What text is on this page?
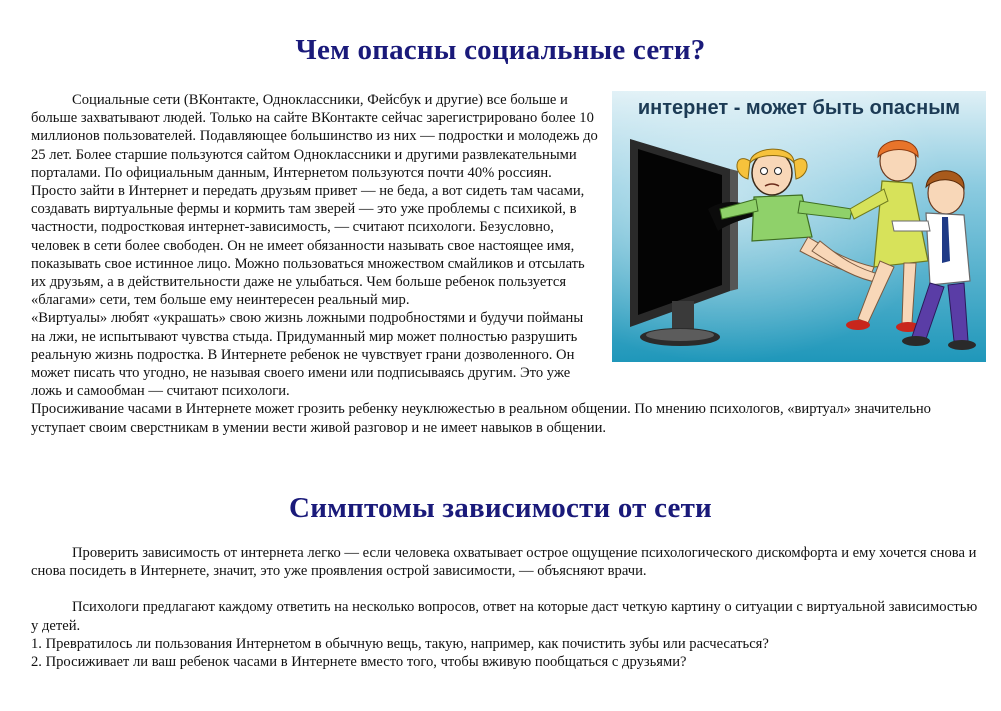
Чем опасны социальные сети?
интернет - может быть опасным

Социальные сети (ВКонтакте, Одноклассники, Фейсбук и другие) все больше и больше захватывают людей. Только на сайте ВКонтакте сейчас зарегистрировано более 10 миллионов пользователей. Подавляющее большинство из них — подростки и молодежь до 25 лет. Более старшие пользуются сайтом Одноклассники и другими развлекательными порталами. По официальным данным, Интернетом пользуются почти 40% россиян. Просто зайти в Интернет и передать друзьям привет — не беда, а вот сидеть там часами, создавать виртуальные фермы и кормить там зверей — это уже проблемы с психикой, в частности, подростковая интернет-зависимость, — считают психологи. Безусловно, человек в сети более свободен. Он не имеет обязанности называть свое настоящее имя, показывать свое истинное лицо. Можно пользоваться множеством смайликов и отсылать их друзьям, а в действительности даже не улыбаться. Чем больше ребенок пользуется «благами» сети, тем больше ему неинтересен реальный мир.

«Виртуалы» любят «украшать» свою жизнь ложными подробностями и будучи пойманы на лжи, не испытывают чувства стыда. Придуманный мир может полностью разрушить реальную жизнь подростка. В Интернете ребенок не чувствует грани дозволенного. Он может писать что угодно, не называя своего имени или подписываясь другим. Это уже ложь и самообман — считают психологи.

Просиживание часами в Интернете может грозить ребенку неуклюжестью в реальном общении. По мнению психологов, «виртуал» значительно уступает своим сверстникам в умении вести живой разговор и не имеет навыков в общении.

Симптомы зависимости от сети

Проверить зависимость от интернета легко — если человека охватывает острое ощущение психологического дискомфорта и ему хочется снова и снова посидеть в Интернете, значит, это уже проявления острой зависимости, — объясняют врачи.

Психологи предлагают каждому ответить на несколько вопросов, ответ на которые даст четкую картину о ситуации с виртуальной зависимостью у детей.

1. Превратилось ли пользования Интернетом в обычную вещь, такую, например, как почистить зубы или расчесаться?

2. Просиживает ли ваш ребенок часами в Интернете вместо того, чтобы вживую пообщаться с друзьями?
